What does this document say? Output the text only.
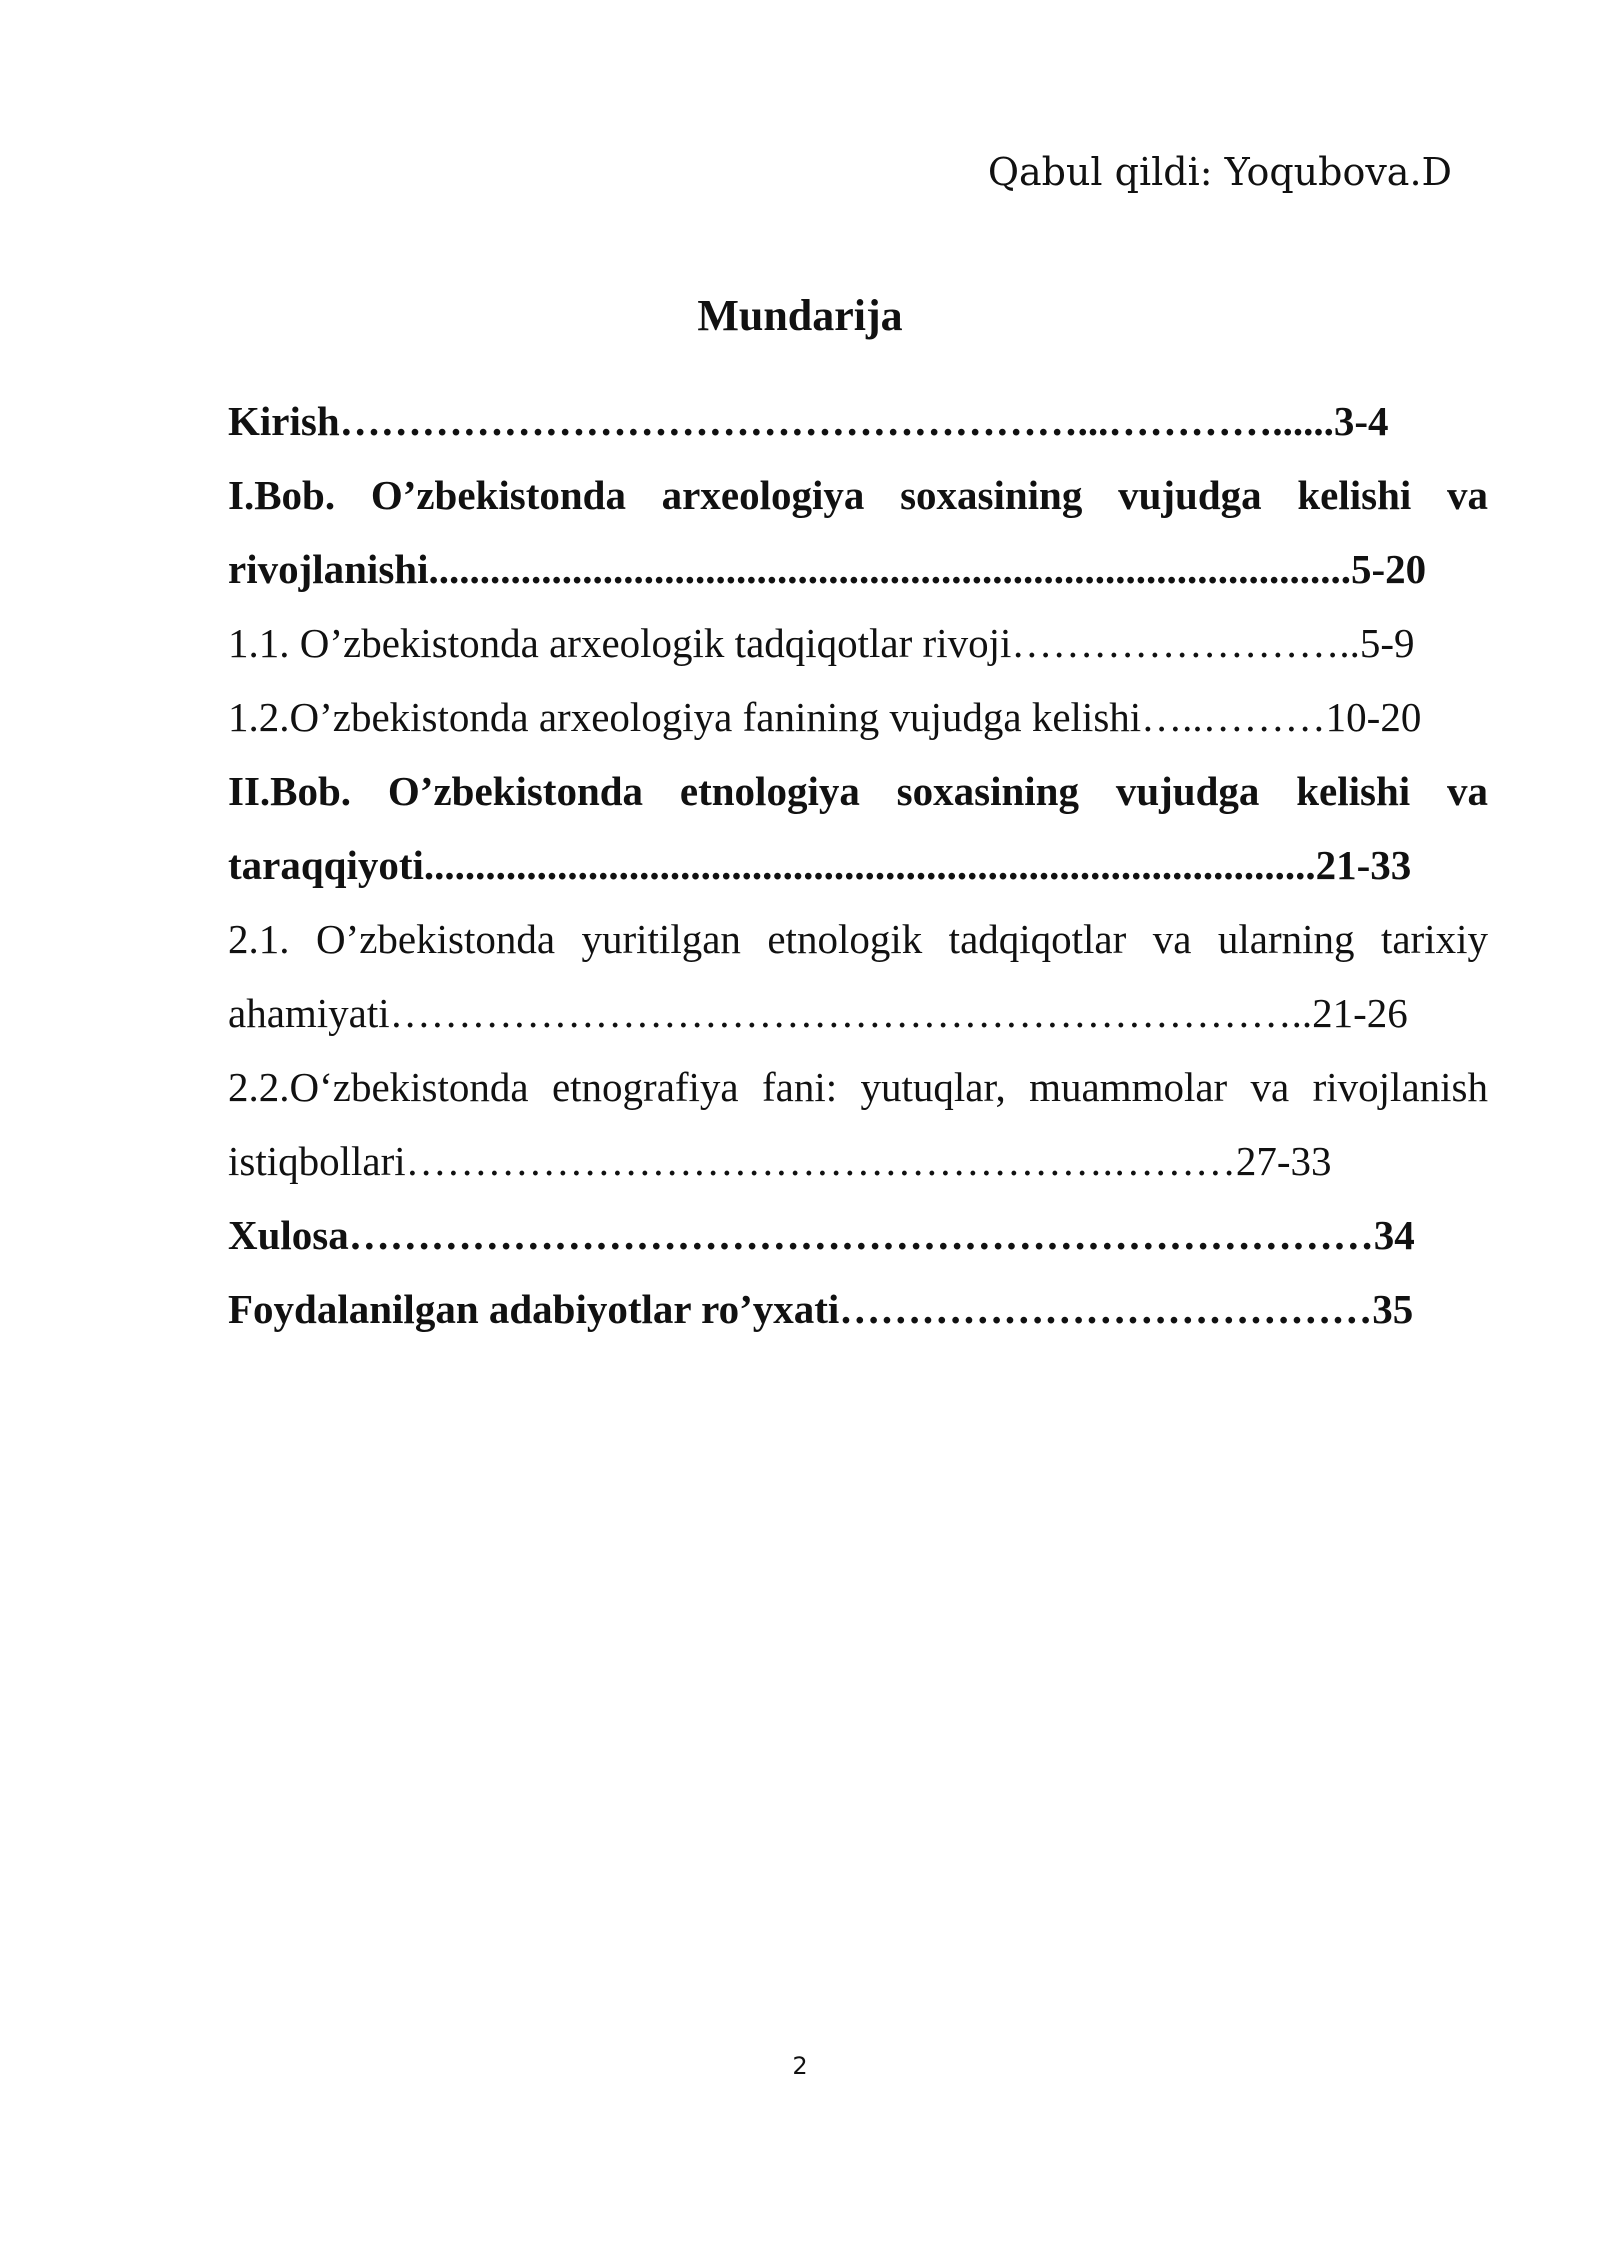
Qabul qildi: Yoqubova.D
Mundarija
Kirish………………………………………………...…………......3-4
I.Bob. O’zbekistonda arxeologiya soxasining vujudga kelishi va
rivojlanishi..........................................................................................5-20
1.1. O’zbekistonda arxeologik tadqiqotlar rivoji……………………..5-9
1.2.O’zbekistonda arxeologiya fanining vujudga kelishi…..………10-20
II.Bob. O’zbekistonda etnologiya soxasining vujudga kelishi va
taraqqiyoti.......................................................................................21-33
2.1. O’zbekistonda yuritilgan etnologik tadqiqotlar va ularning tarixiy
ahamiyati…………………………………………………………..21-26
2.2.O‘zbekistonda etnografiya fani: yutuqlar, muammolar va rivojlanish
istiqbollari…………………………………………….………27-33
Xulosa…………………………………………………………………34
Foydalanilgan adabiyotlar ro’yxati…………………………………35
2
